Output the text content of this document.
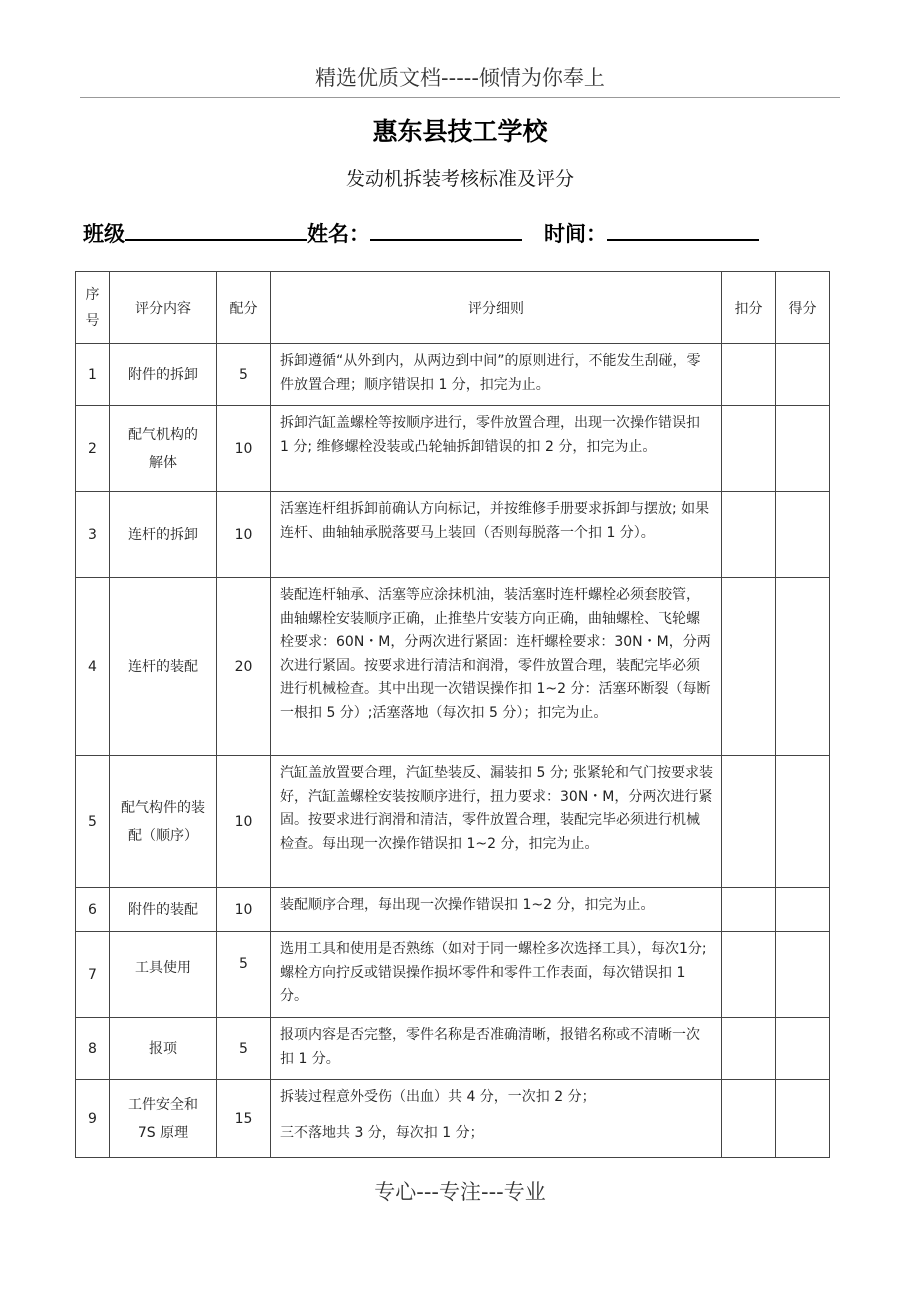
精选优质文档-----倾情为你奉上
惠东县技工学校
发动机拆装考核标准及评分
班级	姓名：	时间：
序号	评分内容	配分	评分细则	扣分	得分
1	附件的拆卸	5	拆卸遵循“从外到内，从两边到中间”的原则进行，不能发生刮碰，零件放置合理；顺序错误扣 1 分，扣完为止。		

2	配气机构的解体	10	拆卸汽缸盖螺栓等按顺序进行，零件放置合理，出现一次操作错误扣 1 分; 维修螺栓没装或凸轮轴拆卸错误的扣 2 分，扣完为止。		

3	连杆的拆卸	10	活塞连杆组拆卸前确认方向标记，并按维修手册要求拆卸与摆放; 如果连杆、曲轴轴承脱落要马上装回（否则每脱落一个扣 1 分）。		

4	连杆的装配	20	装配连杆轴承、活塞等应涂抹机油，装活塞时连杆螺栓必须套胶管，曲轴螺栓安装顺序正确，止推垫片安装方向正确，曲轴螺栓、飞轮螺栓要求：60N・M，分两次进行紧固：连杆螺栓要求：30N・M，分两次进行紧固。按要求进行清洁和润滑，零件放置合理，装配完毕必须进行机械检查。其中出现一次错误操作扣 1~2 分：活塞环断裂（每断一根扣 5 分）;活塞落地（每次扣 5 分）；扣完为止。		

5	配气构件的装配（顺序）	10	汽缸盖放置要合理，汽缸垫装反、漏装扣 5 分; 张紧轮和气门按要求装好，汽缸盖螺栓安装按顺序进行，扭力要求：30N・M，分两次进行紧固。按要求进行润滑和清洁，零件放置合理，装配完毕必须进行机械检查。每出现一次操作错误扣 1~2 分，扣完为止。		

6	附件的装配	10	装配顺序合理，每出现一次操作错误扣 1~2 分，扣完为止。		

7	工具使用	5	选用工具和使用是否熟练（如对于同一螺栓多次选择工具），每次1分; 螺栓方向拧反或错误操作损坏零件和零件工作表面，每次错误扣 1 分。		

8	报项	5	报项内容是否完整，零件名称是否准确清晰，报错名称或不清晰一次扣 1 分。		

9	工件安全和7S 原理	15	拆装过程意外受伤（出血）共 4 分，一次扣 2 分；

三不落地共 3 分，每次扣 1 分；		

专心---专注---专业
